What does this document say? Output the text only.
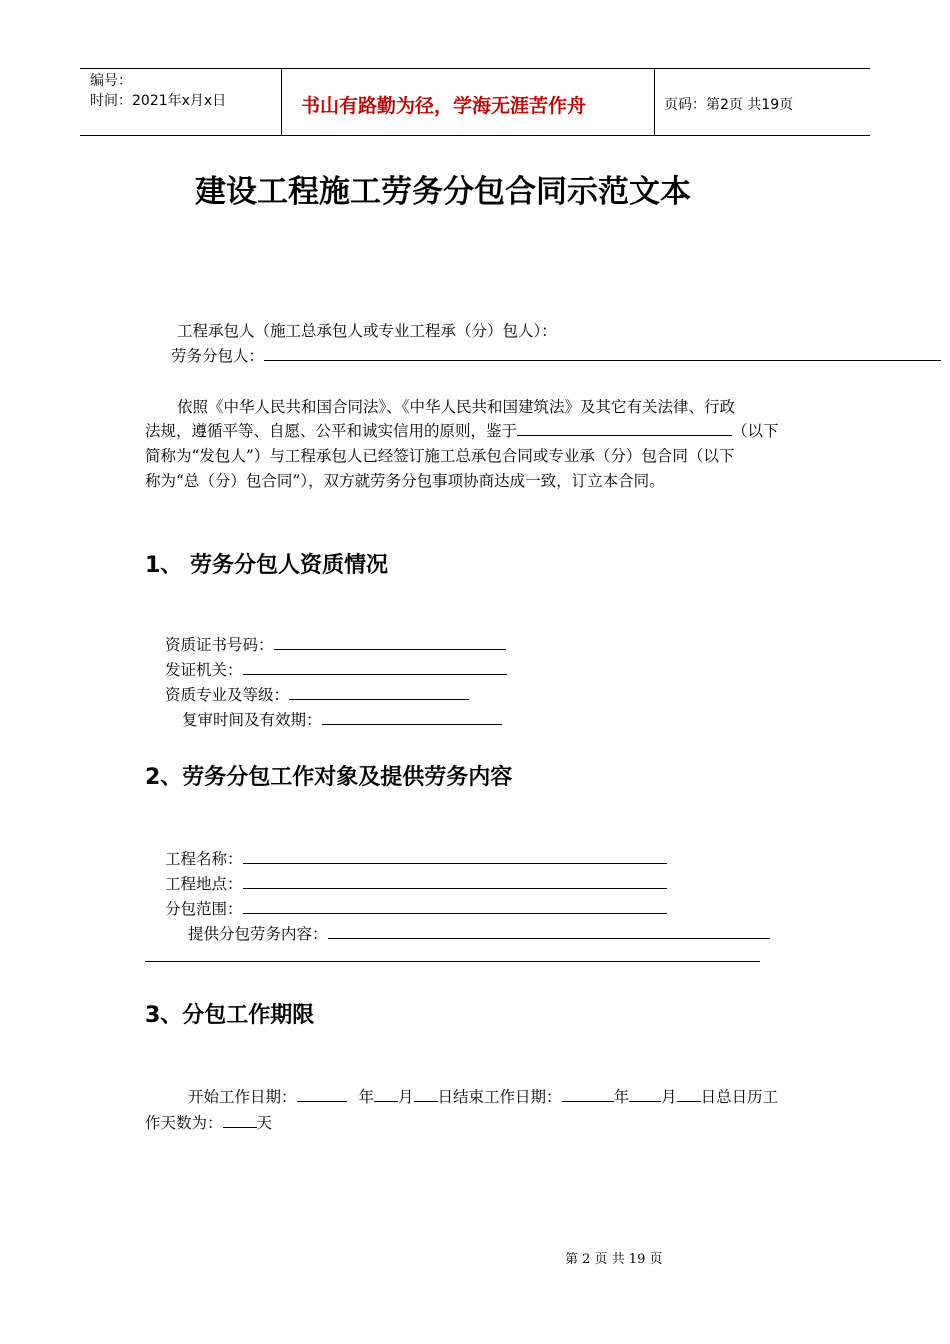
编号：
时间：2021年x月x日	书山有路勤为径，学海无涯苦作舟	页码：第2页 共19页
建设工程施工劳务分包合同示范文本
工程承包人（施工总承包人或专业工程承（分）包人）：
劳务分包人：
依照《中华人民共和国合同法》、《中华人民共和国建筑法》及其它有关法律、行政
法规，遵循平等、自愿、公平和诚实信用的原则，鉴于	（以下
简称为“发包人”）与工程承包人已经签订施工总承包合同或专业承（分）包合同（以下
称为“总（分）包合同”），双方就劳务分包事项协商达成一致，订立本合同。
1、 劳务分包人资质情况
资质证书号码：
发证机关：
资质专业及等级：
复审时间及有效期：
2、劳务分包工作对象及提供劳务内容
工程名称：
工程地点：
分包范围：
提供分包劳务内容：
3、分包工作期限
开始工作日期：	年 月 日结束工作日期：	年 月 日总日历工
作天数为： 天
第 2 页 共 19 页
